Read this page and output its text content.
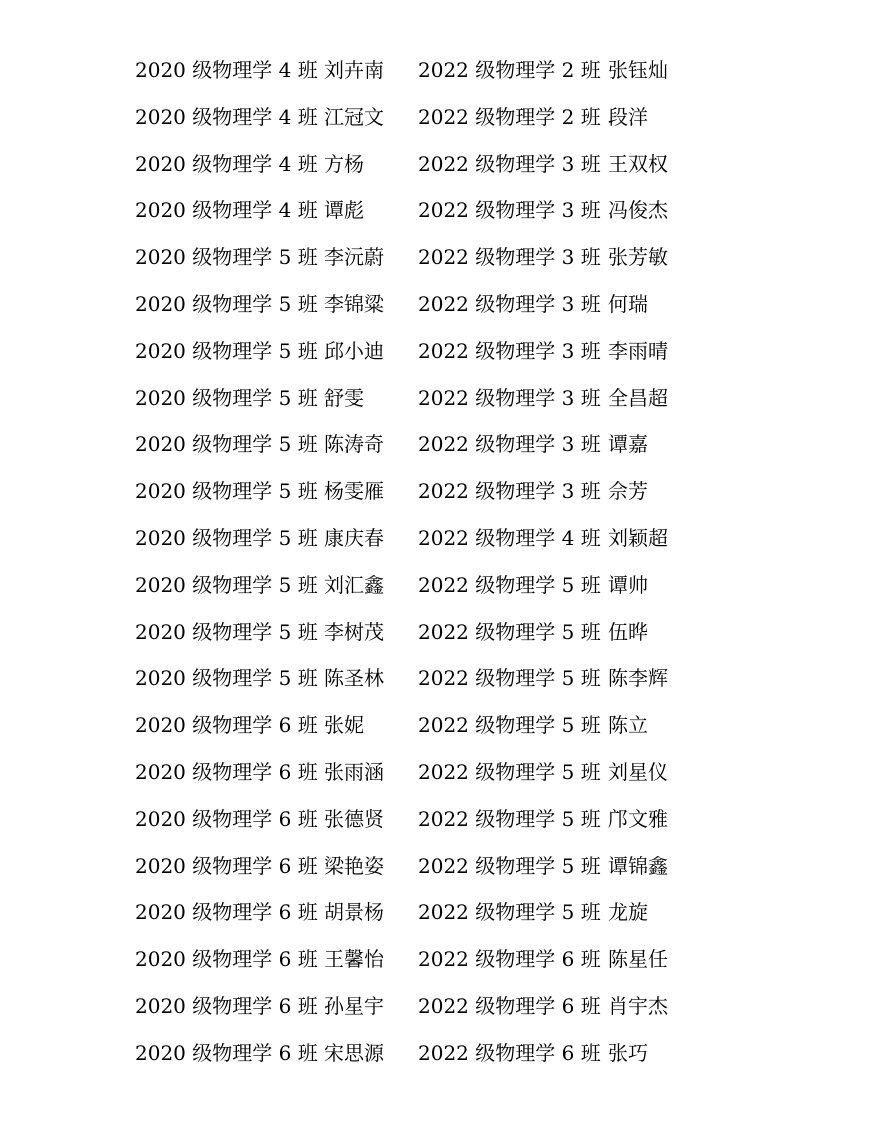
2020 级物理学 4 班 刘卉南 2022 级物理学 2 班 张钰灿
2020 级物理学 4 班 江冠文 2022 级物理学 2 班 段洋
2020 级物理学 4 班 方杨	2022 级物理学 3 班 王双权
2020 级物理学 4 班 谭彪	2022 级物理学 3 班 冯俊杰
2020 级物理学 5 班 李沅蔚 2022 级物理学 3 班 张芳敏
2020 级物理学 5 班 李锦粱 2022 级物理学 3 班 何瑞
2020 级物理学 5 班 邱小迪 2022 级物理学 3 班 李雨晴
2020 级物理学 5 班 舒雯	2022 级物理学 3 班 全昌超
2020 级物理学 5 班 陈涛奇 2022 级物理学 3 班 谭嘉
2020 级物理学 5 班 杨雯雁 2022 级物理学 3 班 佘芳
2020 级物理学 5 班 康庆春 2022 级物理学 4 班 刘颖超
2020 级物理学 5 班 刘汇鑫 2022 级物理学 5 班 谭帅
2020 级物理学 5 班 李树茂 2022 级物理学 5 班 伍晔
2020 级物理学 5 班 陈圣林 2022 级物理学 5 班 陈李辉
2020 级物理学 6 班 张妮	2022 级物理学 5 班 陈立
2020 级物理学 6 班 张雨涵 2022 级物理学 5 班 刘星仪
2020 级物理学 6 班 张德贤 2022 级物理学 5 班 邝文雅
2020 级物理学 6 班 梁艳姿 2022 级物理学 5 班 谭锦鑫
2020 级物理学 6 班 胡景杨 2022 级物理学 5 班 龙旋
2020 级物理学 6 班 王馨怡 2022 级物理学 6 班 陈星任
2020 级物理学 6 班 孙星宇 2022 级物理学 6 班 肖宇杰
2020 级物理学 6 班 宋思源 2022 级物理学 6 班 张巧
